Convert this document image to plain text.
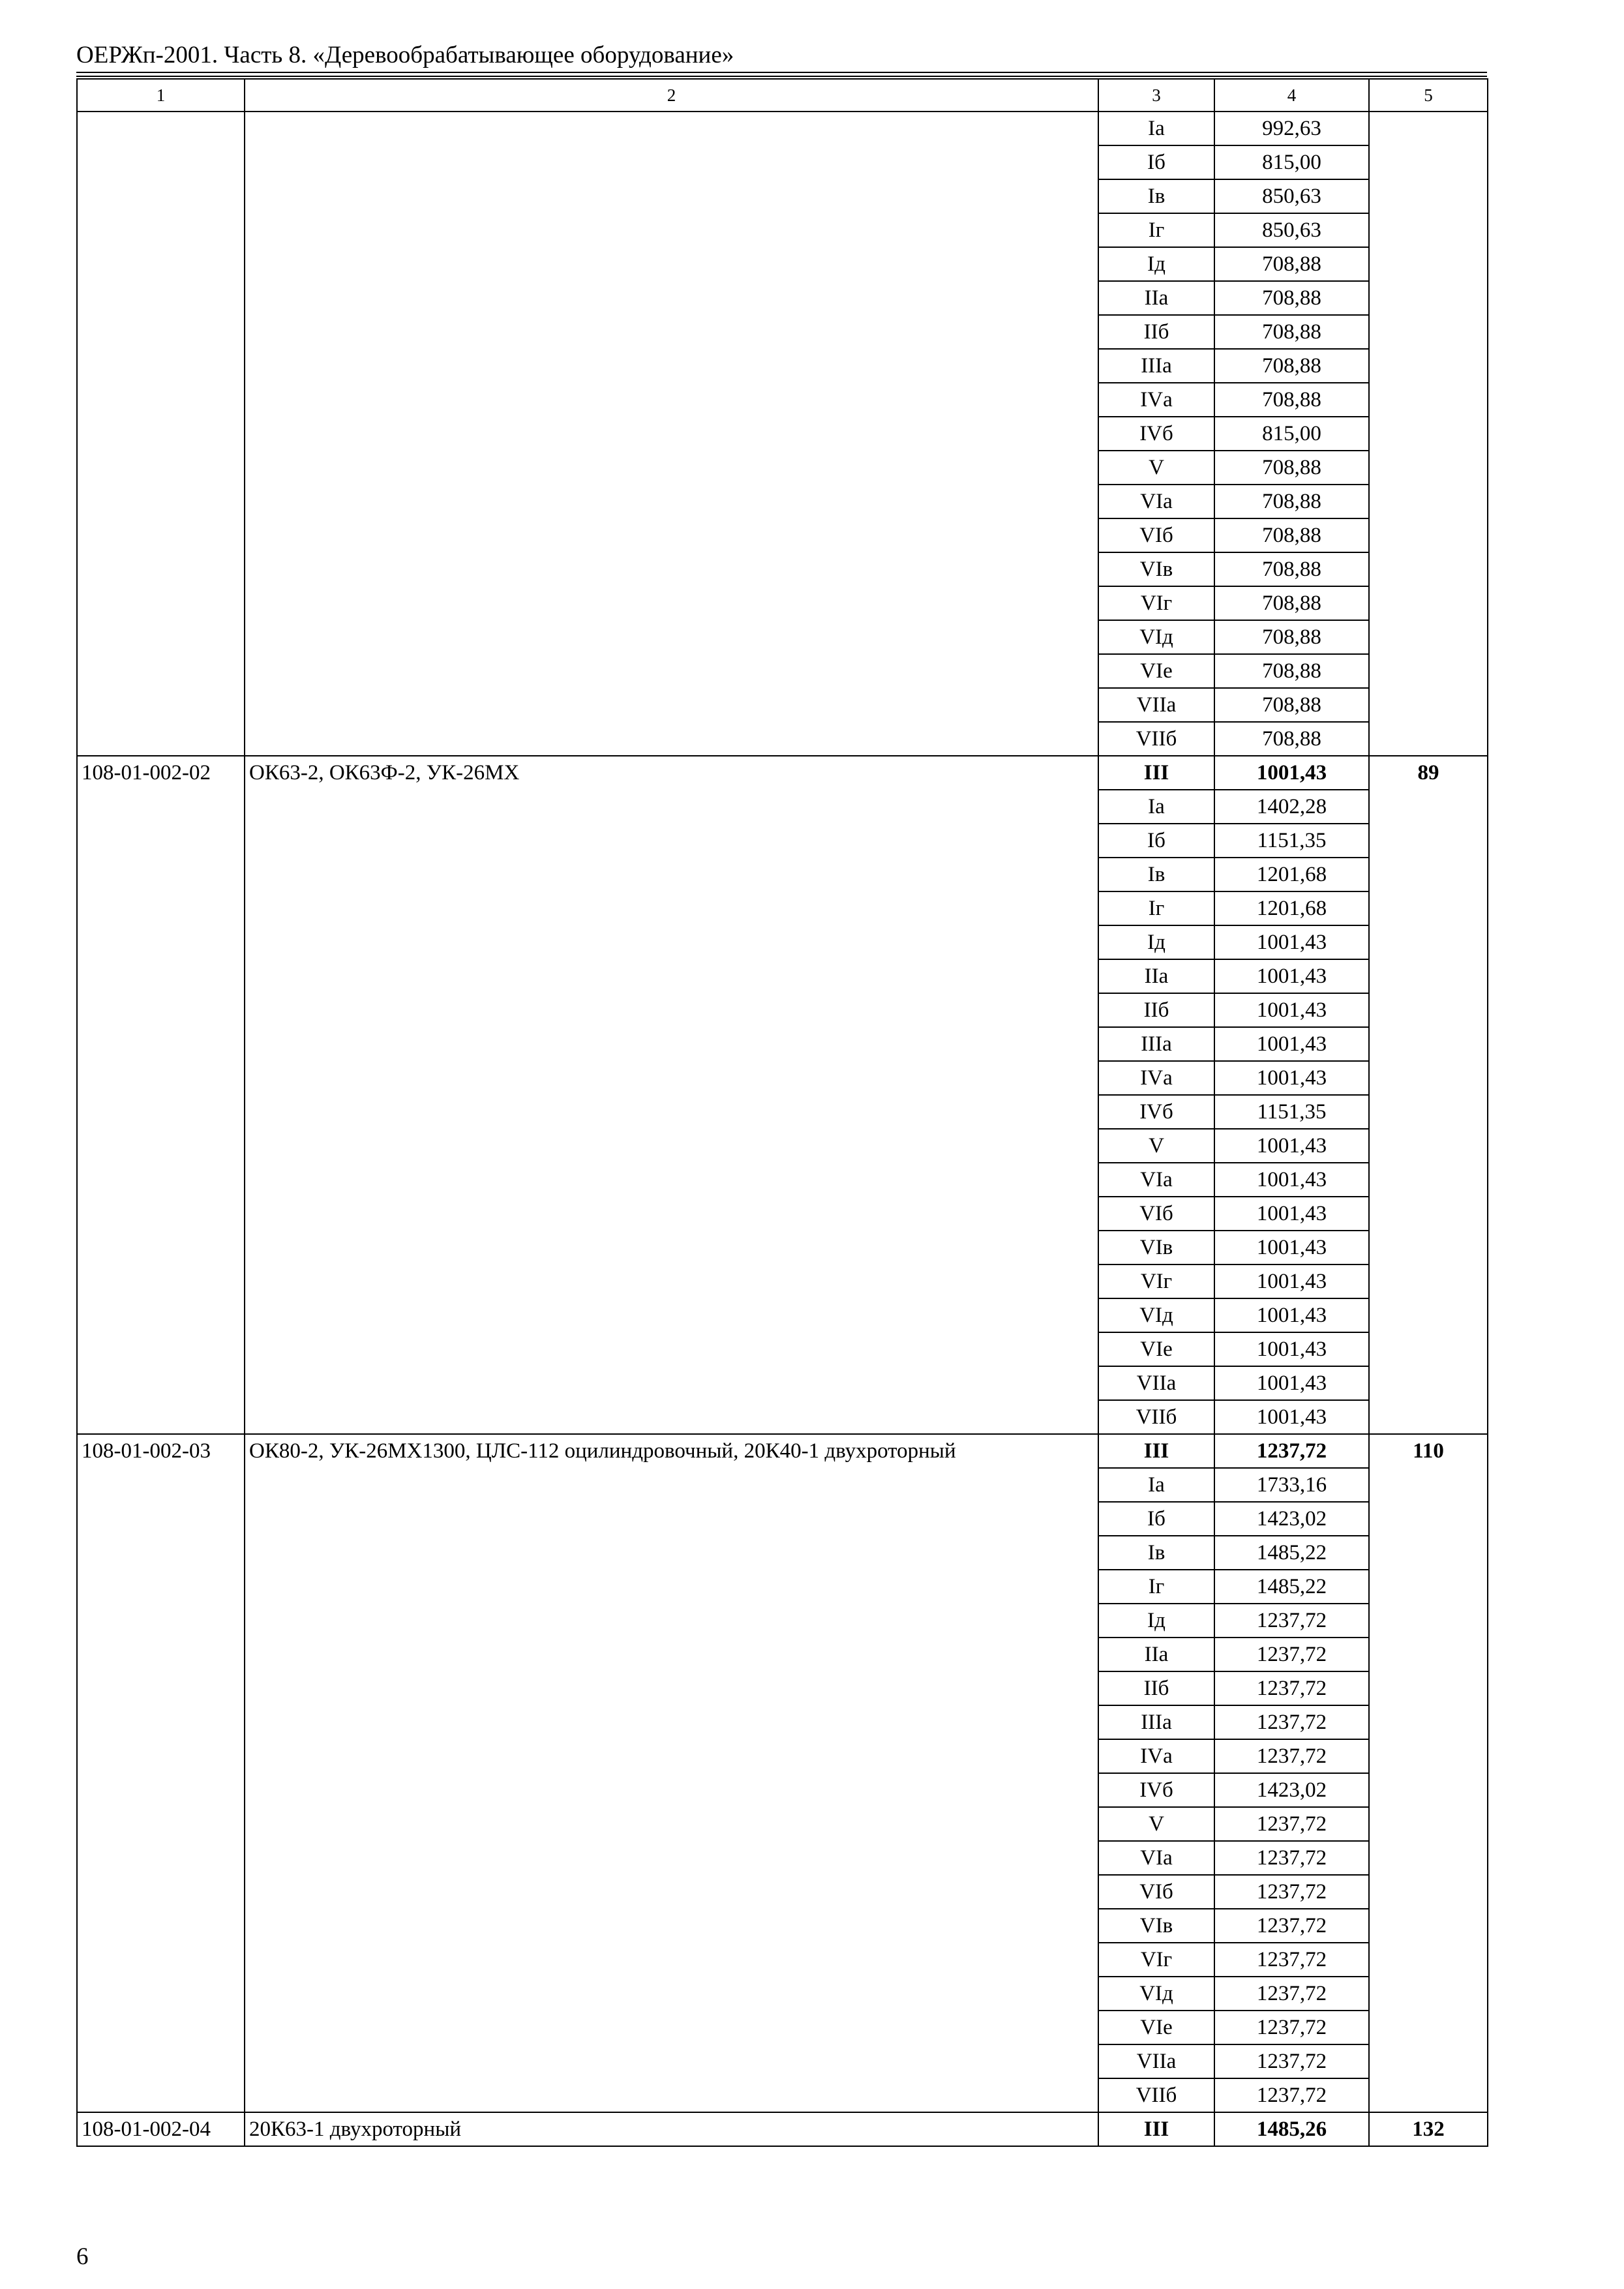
ОЕРЖп-2001. Часть 8. «Деревообрабатывающее оборудование»
1	2	3	4	5
		Iа	992,63	
		Iб	815,00	
		Iв	850,63	
		Iг	850,63	
		Iд	708,88	
		IIа	708,88	
		IIб	708,88	
		IIIа	708,88	
		IVа	708,88	
		IVб	815,00	
		V	708,88	
		VIа	708,88	
		VIб	708,88	
		VIв	708,88	
		VIг	708,88	
		VIд	708,88	
		VIе	708,88	
		VIIа	708,88	
		VIIб	708,88	
108-01-002-02	ОК63-2, ОК63Ф-2, УК-26МХ	III	1001,43	89
		Iа	1402,28	
		Iб	1151,35	
		Iв	1201,68	
		Iг	1201,68	
		Iд	1001,43	
		IIа	1001,43	
		IIб	1001,43	
		IIIа	1001,43	
		IVа	1001,43	
		IVб	1151,35	
		V	1001,43	
		VIа	1001,43	
		VIб	1001,43	
		VIв	1001,43	
		VIг	1001,43	
		VIд	1001,43	
		VIе	1001,43	
		VIIа	1001,43	
		VIIб	1001,43	
108-01-002-03	ОК80-2, УК-26МХ1300, ЦЛС-112 оцилиндровочный, 20К40-1 двухроторный	III	1237,72	110
		Iа	1733,16	
		Iб	1423,02	
		Iв	1485,22	
		Iг	1485,22	
		Iд	1237,72	
		IIа	1237,72	
		IIб	1237,72	
		IIIа	1237,72	
		IVа	1237,72	
		IVб	1423,02	
		V	1237,72	
		VIа	1237,72	
		VIб	1237,72	
		VIв	1237,72	
		VIг	1237,72	
		VIд	1237,72	
		VIе	1237,72	
		VIIа	1237,72	
		VIIб	1237,72	
108-01-002-04	20К63-1 двухроторный	III	1485,26	132
6
